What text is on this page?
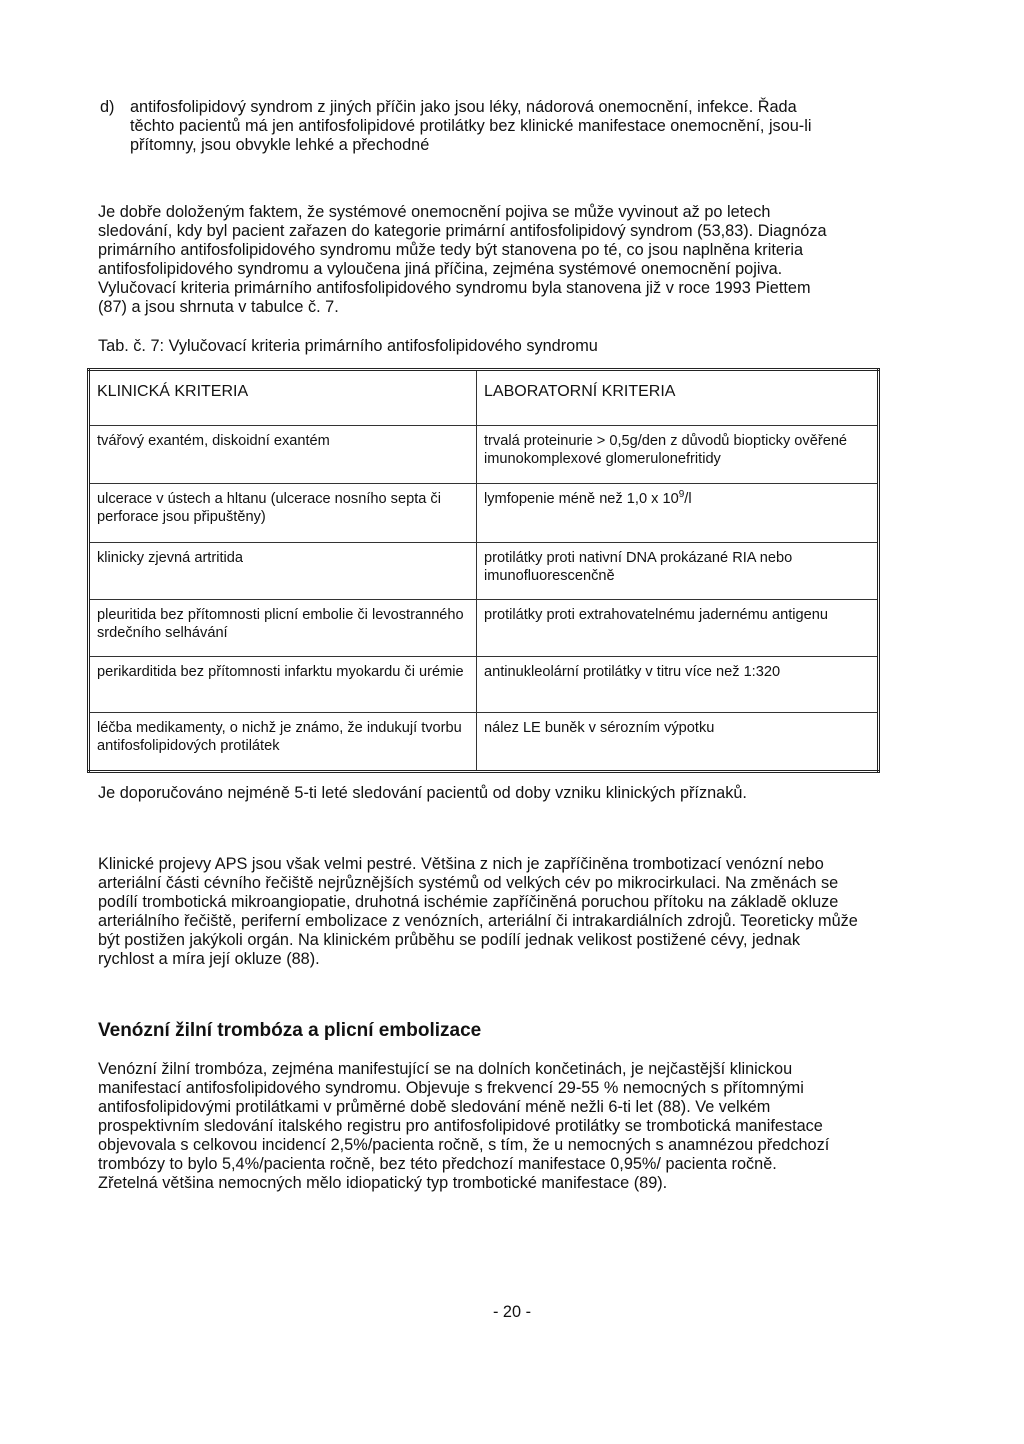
d) antifosfolipidový syndrom z jiných příčin jako jsou léky, nádorová onemocnění, infekce. Řada těchto pacientů má jen antifosfolipidové protilátky bez klinické manifestace onemocnění, jsou-li přítomny, jsou obvykle lehké a přechodné

Je dobře doloženým faktem, že systémové onemocnění pojiva se může vyvinout až po letech sledování, kdy byl pacient zařazen do kategorie primární antifosfolipidový syndrom (53,83). Diagnóza primárního antifosfolipidového syndromu může tedy být stanovena po té, co jsou naplněna kriteria antifosfolipidového syndromu a vyloučena jiná příčina, zejména systémové onemocnění pojiva. Vylučovací kriteria primárního antifosfolipidového syndromu byla stanovena již v roce 1993 Piettem (87) a jsou shrnuta v tabulce č. 7.

Tab. č. 7: Vylučovací kriteria primárního antifosfolipidového syndromu

KLINICKÁ KRITERIA	LABORATORNÍ KRITERIA
tvářový exantém, diskoidní exantém	trvalá proteinurie > 0,5g/den z důvodů biopticky ověřené imunokomplexové glomerulonefritidy
ulcerace v ústech a hltanu (ulcerace nosního septa či perforace jsou připuštěny)	lymfopenie méně než 1,0 x $10^9/l$
klinicky zjevná artritida	protilátky proti nativní DNA prokázané RIA nebo imunofluorescenčně
pleuritida bez přítomnosti plicní embolie či levostranného srdečního selhávání	protilátky proti extrahovatelnému jadernému antigenu
perikarditida bez přítomnosti infarktu myokardu či urémie	antinukleolární protilátky v titru více než 1:320
léčba medikamenty, o nichž je známo, že indukují tvorbu antifosfolipidových protilátek	nález LE buněk v sérozním výpotku

Je doporučováno nejméně 5-ti leté sledování pacientů od doby vzniku klinických příznaků.

Klinické projevy APS jsou však velmi pestré. Většina z nich je zapříčiněna trombotizací venózní nebo arteriální části cévního řečiště nejrůznějších systémů od velkých cév po mikrocirkulaci. Na změnách se podílí trombotická mikroangiopatie, druhotná ischémie zapříčiněná poruchou přítoku na základě okluze arteriálního řečiště, periferní embolizace z venózních, arteriální či intrakardiálních zdrojů. Teoreticky může být postižen jakýkoli orgán. Na klinickém průběhu se podílí jednak velikost postižené cévy, jednak rychlost a míra její okluze (88).

Venózní žilní trombóza a plicní embolizace

Venózní žilní trombóza, zejména manifestující se na dolních končetinách, je nejčastější klinickou manifestací antifosfolipidového syndromu. Objevuje s frekvencí 29-55 % nemocných s přítomnými antifosfolipidovými protilátkami v průměrné době sledování méně nežli 6-ti let (88). Ve velkém prospektivním sledování italského registru pro antifosfolipidové protilátky se trombotická manifestace objevovala s celkovou incidencí 2,5%/pacienta ročně, s tím, že u nemocných s anamnézou předchozí trombózy to bylo 5,4%/pacienta ročně, bez této předchozí manifestace 0,95%/ pacienta ročně. Zřetelná většina nemocných mělo idiopatický typ trombotické manifestace (89).

- 20 -
